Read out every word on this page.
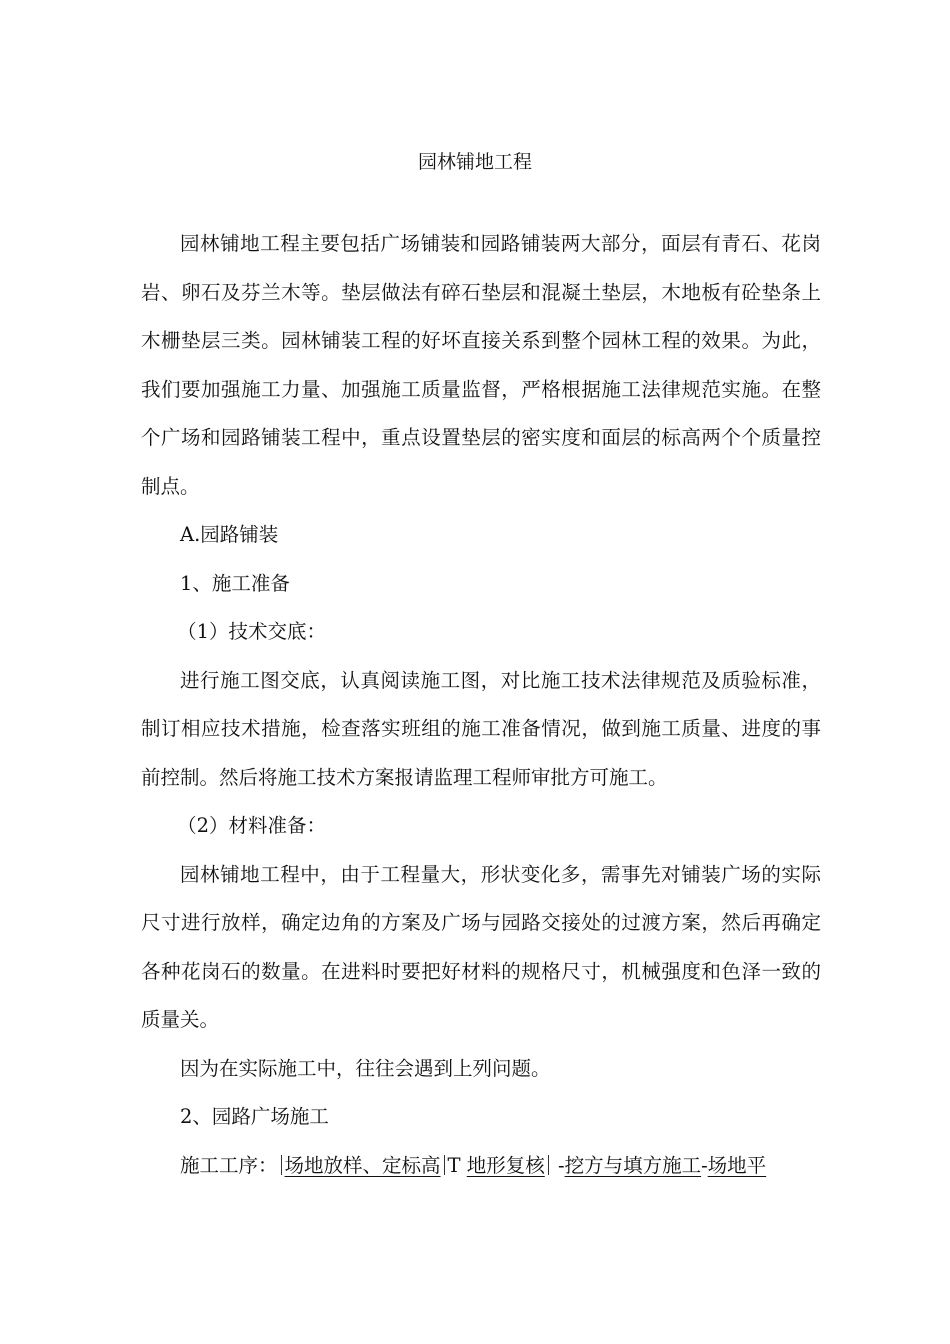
园林铺地工程

园林铺地工程主要包括广场铺装和园路铺装两大部分，面层有青石、花岗岩、卵石及芬兰木等。垫层做法有碎石垫层和混凝土垫层，木地板有砼垫条上木栅垫层三类。园林铺装工程的好坏直接关系到整个园林工程的效果。为此，我们要加强施工力量、加强施工质量监督，严格根据施工法律规范实施。在整个广场和园路铺装工程中，重点设置垫层的密实度和面层的标高两个个质量控制点。

A.园路铺装

1、施工准备

（1）技术交底：

进行施工图交底，认真阅读施工图，对比施工技术法律规范及质验标准，制订相应技术措施，检查落实班组的施工准备情况，做到施工质量、进度的事前控制。然后将施工技术方案报请监理工程师审批方可施工。

（2）材料准备：

园林铺地工程中，由于工程量大，形状变化多，需事先对铺装广场的实际尺寸进行放样，确定边角的方案及广场与园路交接处的过渡方案，然后再确定各种花岗石的数量。在进料时要把好材料的规格尺寸，机械强度和色泽一致的质量关。

因为在实际施工中，往往会遇到上列问题。

2、园路广场施工

施工工序： 场地放样、定标高 T 地形复核 -挖方与填方施工-场地平
